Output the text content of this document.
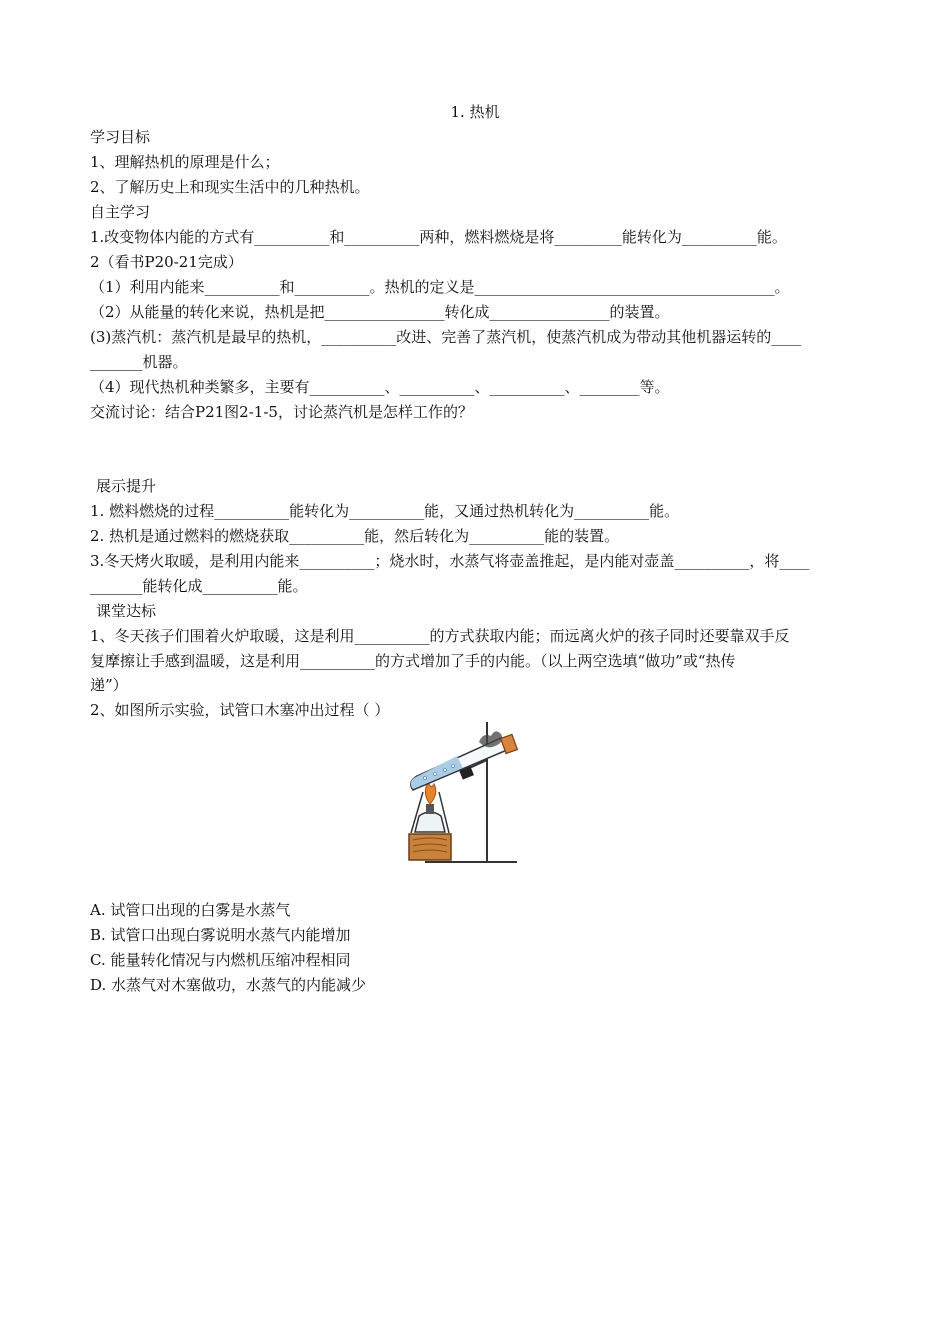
1. 热机
学习目标
1、理解热机的原理是什么；
2、了解历史上和现实生活中的几种热机。
自主学习
1.改变物体内能的方式有__________和__________两种，燃料燃烧是将_________能转化为__________能。
2（看书P20-21完成）
（1）利用内能来__________和__________。热机的定义是________________________________________。
（2）从能量的转化来说，热机是把________________转化成________________的装置。
(3)蒸汽机：蒸汽机是最早的热机，__________改进、完善了蒸汽机，使蒸汽机成为带动其他机器运转的____
_______机器。
（4）现代热机种类繁多，主要有__________、__________、__________、________等。
交流讨论：结合P21图2-1-5，讨论蒸汽机是怎样工作的？
展示提升
1. 燃料燃烧的过程__________能转化为__________能，又通过热机转化为__________能。
2. 热机是通过燃料的燃烧获取__________能，然后转化为__________能的装置。
3.冬天烤火取暖，是利用内能来__________；烧水时，水蒸气将壶盖推起，是内能对壶盖__________，将____
_______能转化成__________能。
课堂达标
1、冬天孩子们围着火炉取暖，这是利用__________的方式获取内能；而远离火炉的孩子同时还要靠双手反
复摩擦让手感到温暖，这是利用__________的方式增加了手的内能。（以上两空选填“做功”或“热传
递”）
2、如图所示实验，试管口木塞冲出过程（ ）
A. 试管口出现的白雾是水蒸气
B. 试管口出现白雾说明水蒸气内能增加
C. 能量转化情况与内燃机压缩冲程相同
D. 水蒸气对木塞做功，水蒸气的内能减少
